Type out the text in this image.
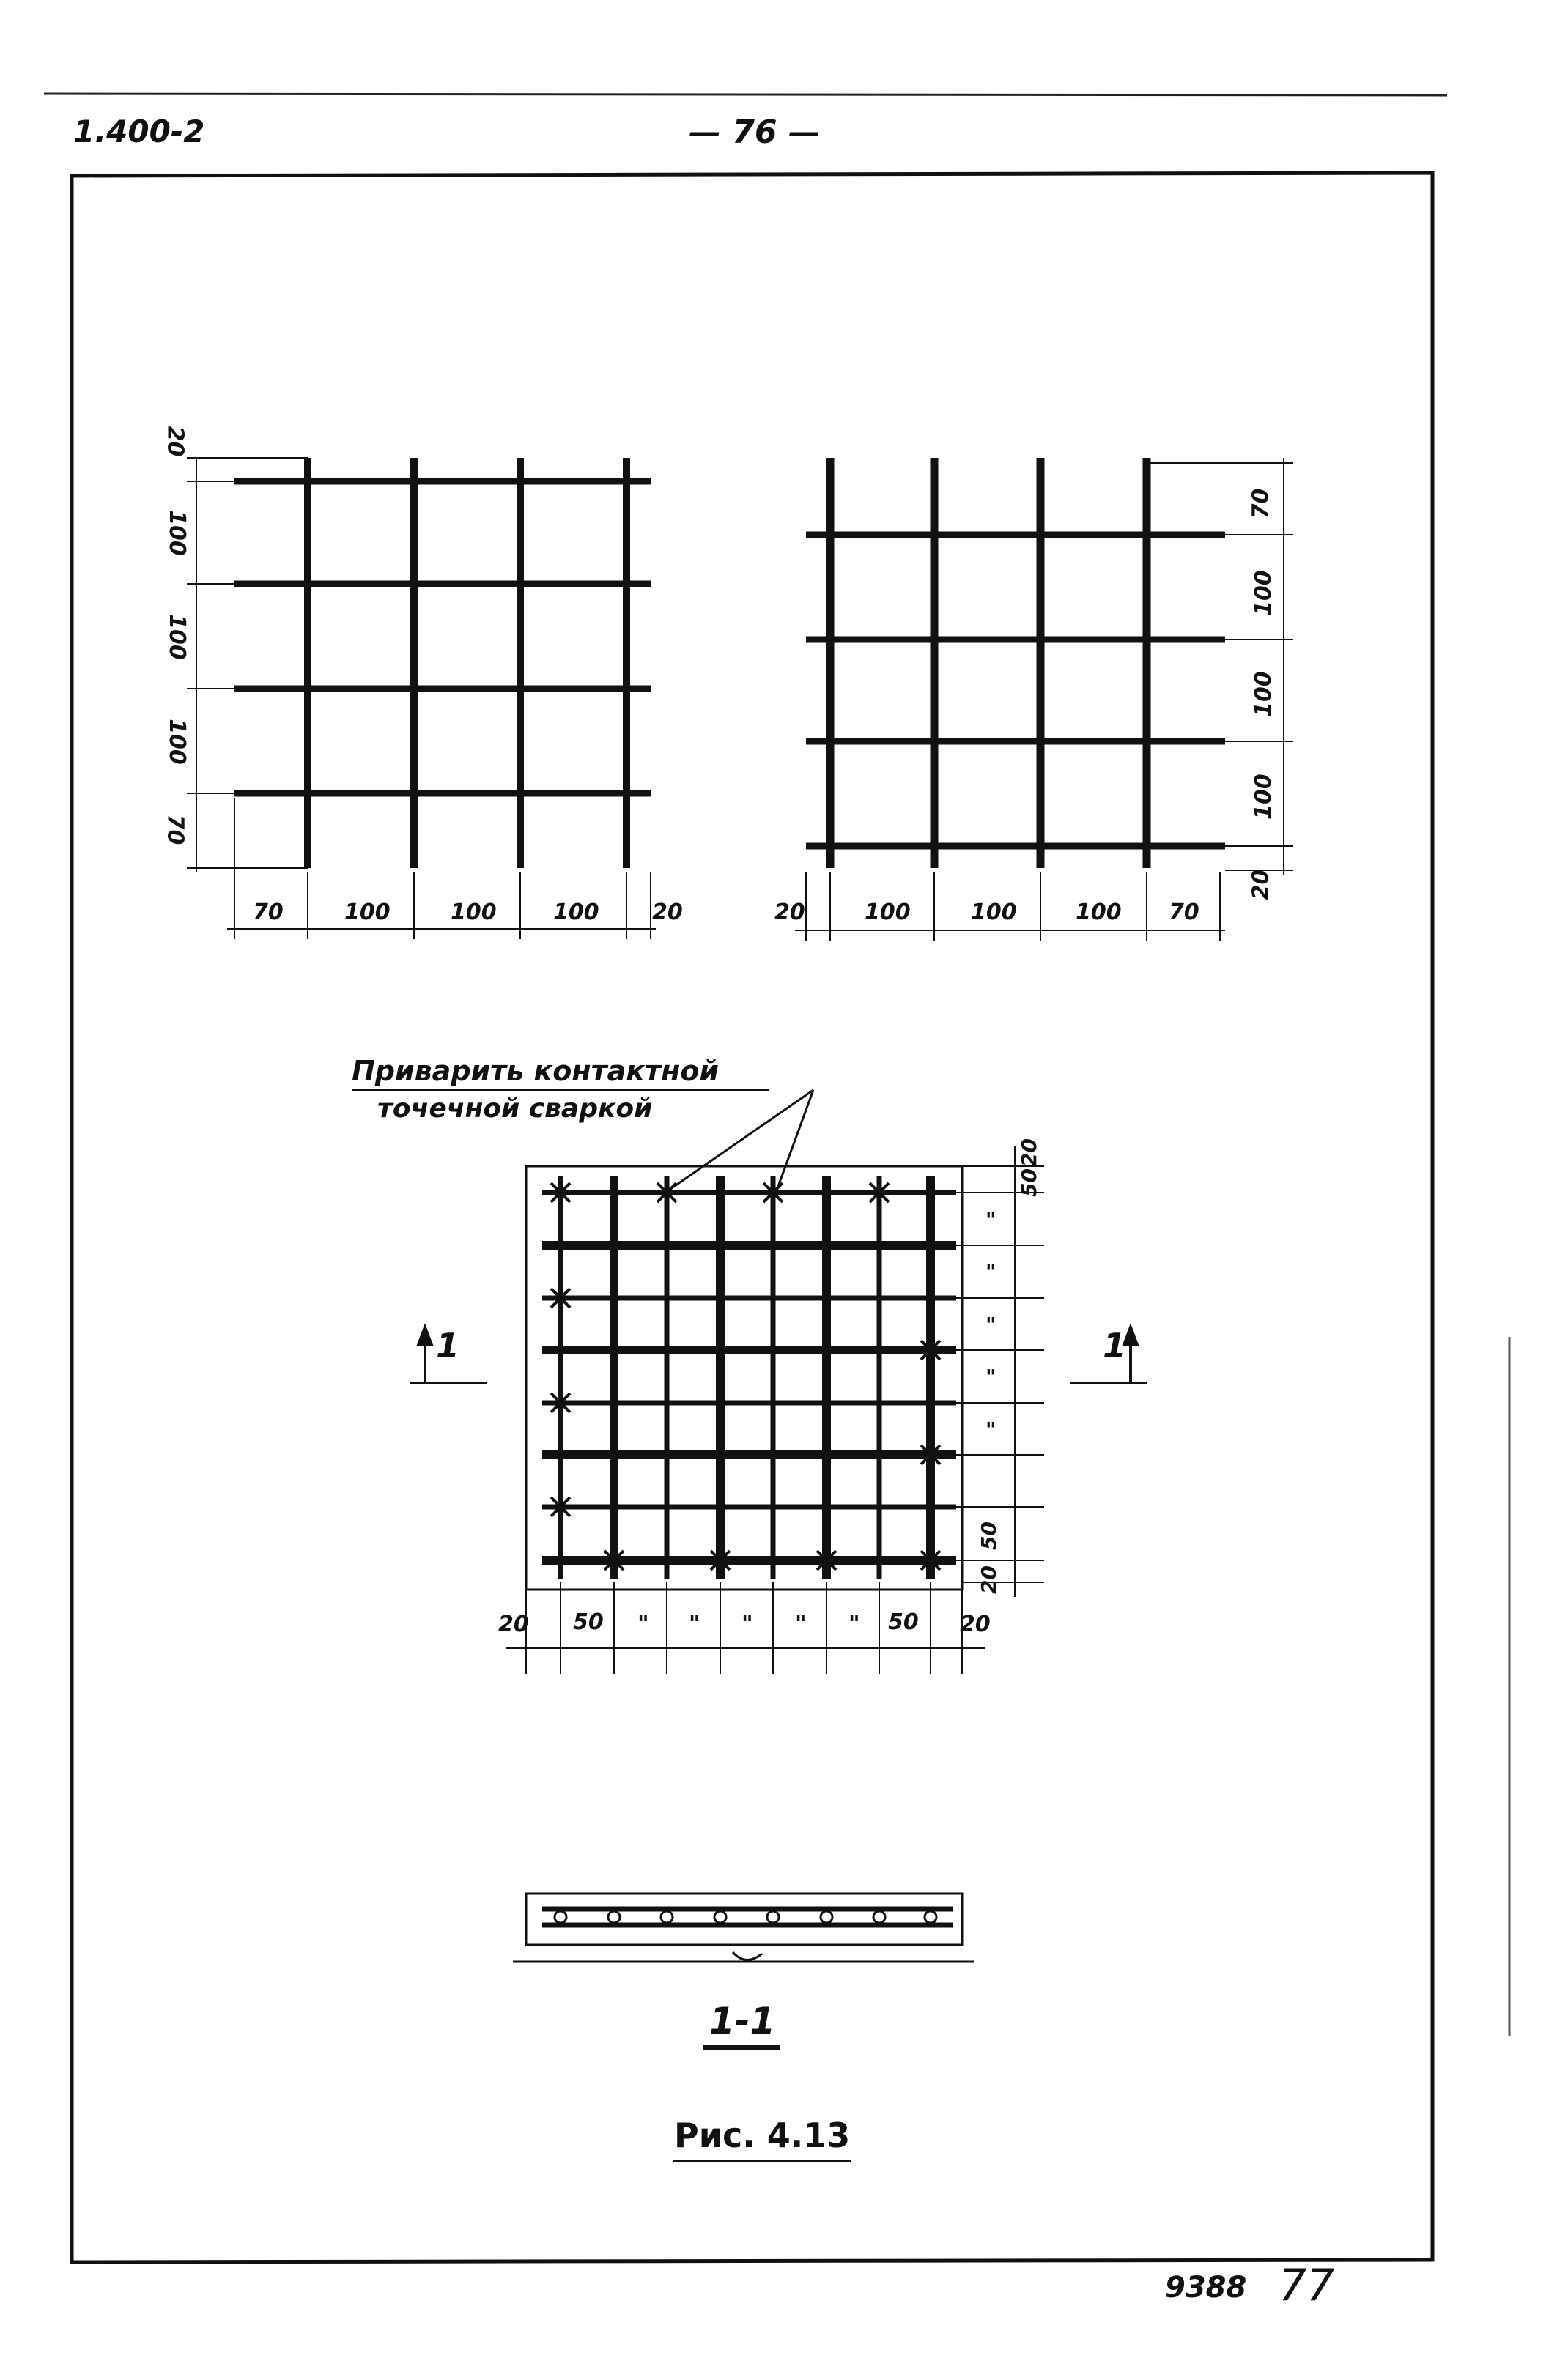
1.400-2	— 76 —
20
100
100
100
70
70	100	100	100 20
70
100
100
100
20
20	100	100	100 70
Приварить контактной
точечной сваркой
20
50
"
"
"
"
"
50
20
20 50 " " " " " 50 20
1	1
1-1
Рис. 4.13
9388 77
